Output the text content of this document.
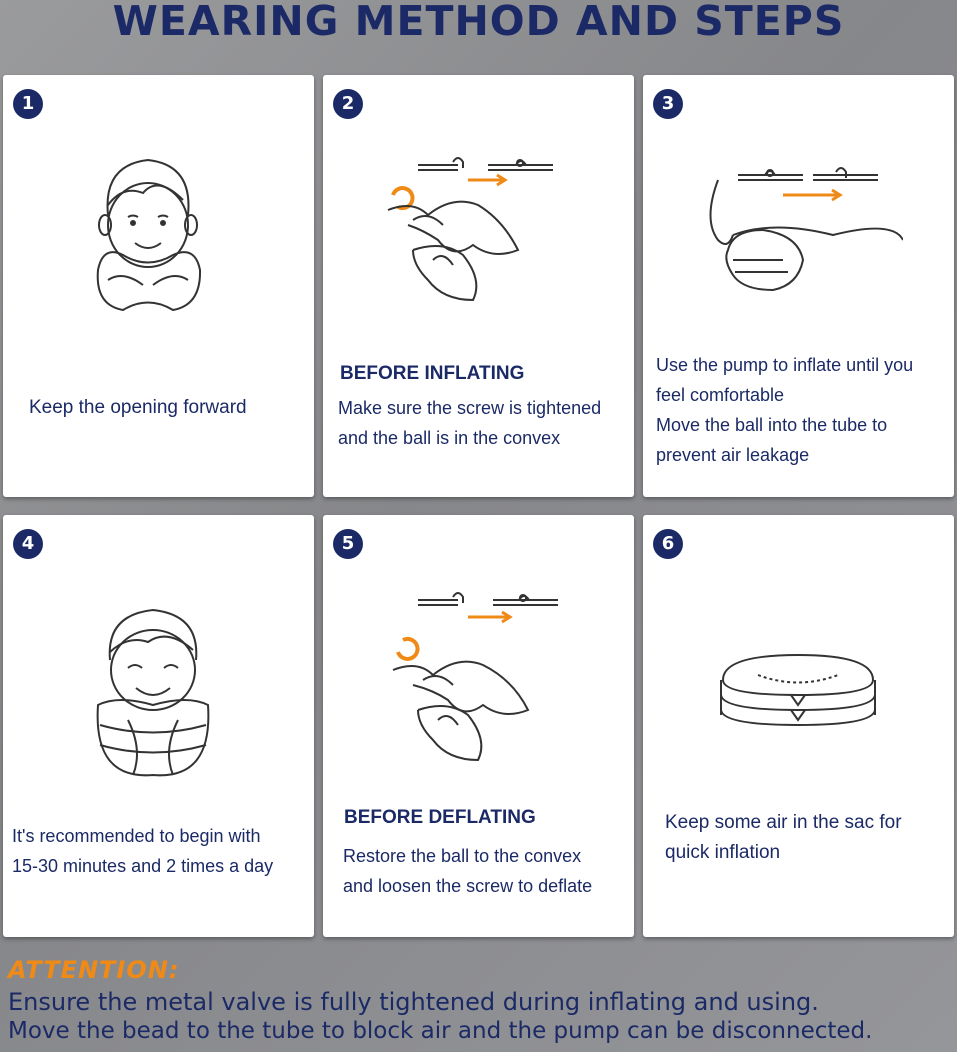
WEARING METHOD AND STEPS
1
Keep the opening forward
2
BEFORE INFLATING
Make sure the screw is tightened
and the ball is in the convex
3
Use the pump to inflate until you
feel comfortable
Move the ball into the tube to
prevent air leakage
4
It's recommended to begin with
15-30 minutes and 2 times a day
5
BEFORE DEFLATING
Restore the ball to the convex
and loosen the screw to deflate
6
Keep some air in the sac for
quick inflation
ATTENTION:
Ensure the metal valve is fully tightened during inflating and using.
Move the bead to the tube to block air and the pump can be disconnected.
